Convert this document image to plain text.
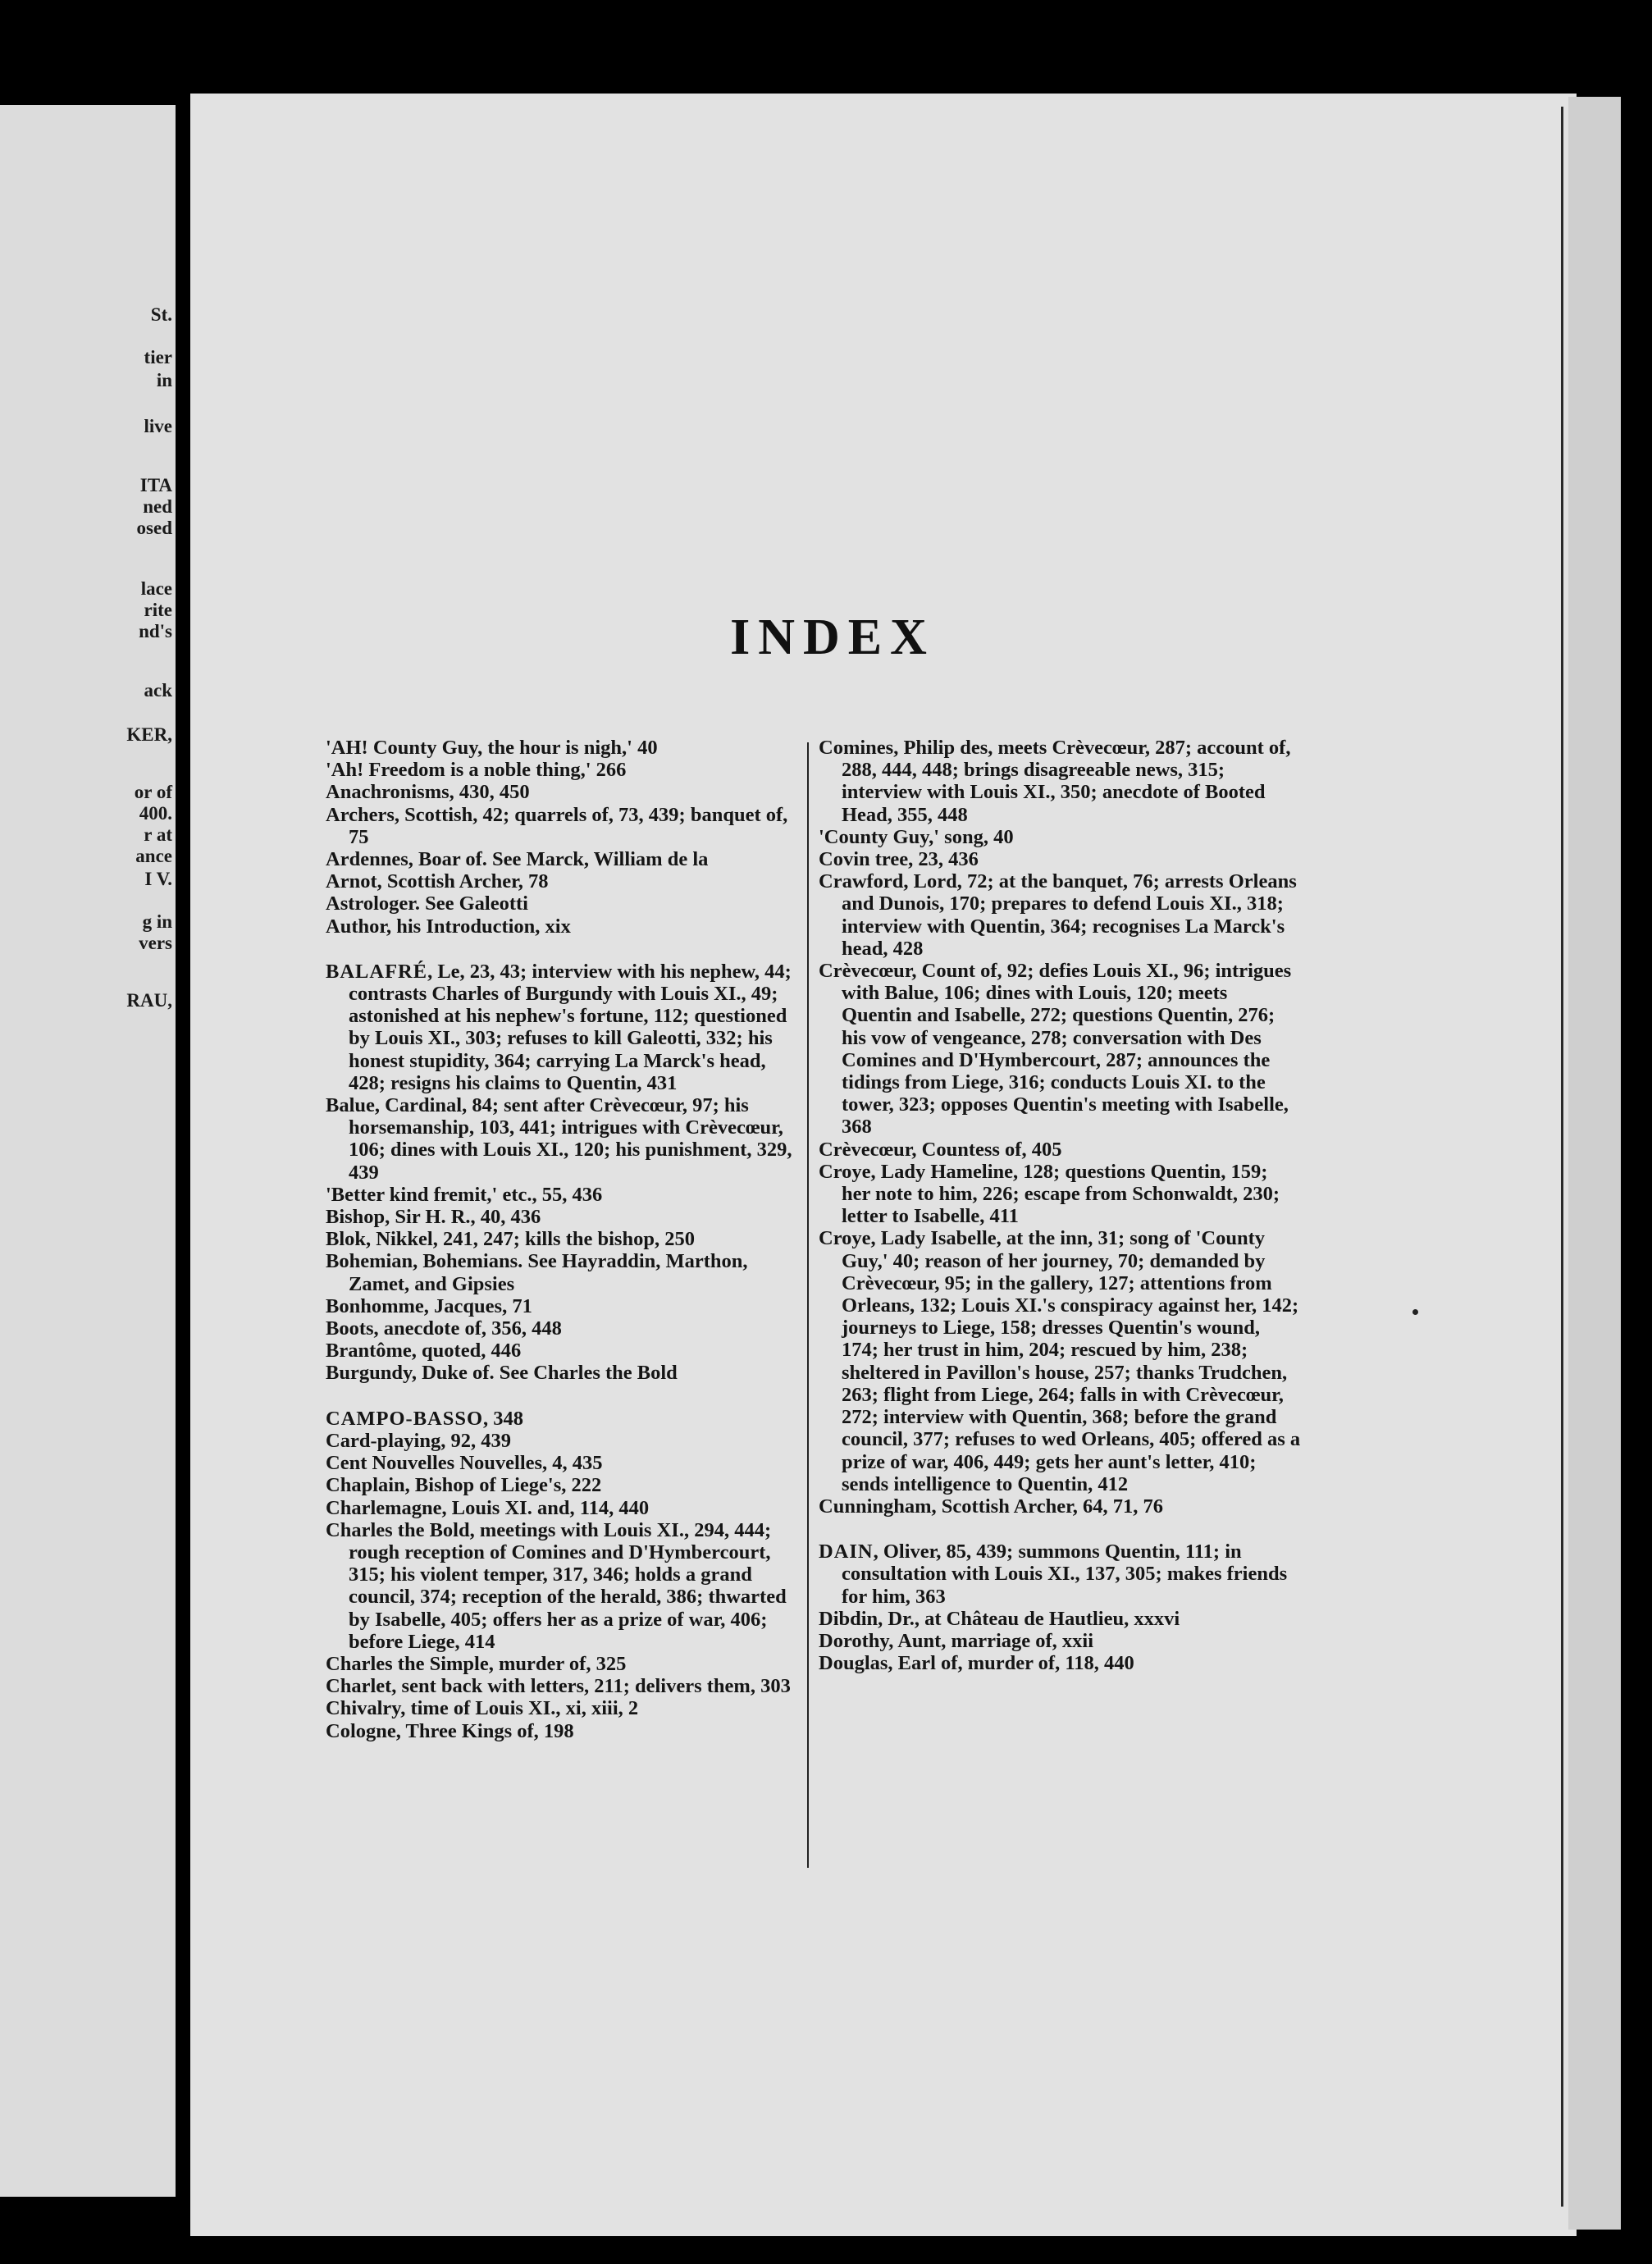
St.
tier
in
live
ITA
ned
osed
lace
rite
nd's
ack
KER,
or of
400.
r at
ance
I V.
g in
vers
RAU,
INDEX

'AH! County Guy, the hour is nigh,' 40

'Ah! Freedom is a noble thing,' 266

Anachronisms, 430, 450

Archers, Scottish, 42; quarrels of, 73, 439; banquet of, 75

Ardennes, Boar of. See Marck, William de la

Arnot, Scottish Archer, 78

Astrologer. See Galeotti

Author, his Introduction, xix

BALAFRÉ, Le, 23, 43; interview with his nephew, 44; contrasts Charles of Burgundy with Louis XI., 49; astonished at his nephew's fortune, 112; questioned by Louis XI., 303; refuses to kill Galeotti, 332; his honest stupidity, 364; carrying La Marck's head, 428; resigns his claims to Quentin, 431

Balue, Cardinal, 84; sent after Crèvecœur, 97; his horsemanship, 103, 441; intrigues with Crèvecœur, 106; dines with Louis XI., 120; his punishment, 329, 439

'Better kind fremit,' etc., 55, 436

Bishop, Sir H. R., 40, 436

Blok, Nikkel, 241, 247; kills the bishop, 250

Bohemian, Bohemians. See Hayraddin, Marthon, Zamet, and Gipsies

Bonhomme, Jacques, 71

Boots, anecdote of, 356, 448

Brantôme, quoted, 446

Burgundy, Duke of. See Charles the Bold

CAMPO-BASSO, 348

Card-playing, 92, 439

Cent Nouvelles Nouvelles, 4, 435

Chaplain, Bishop of Liege's, 222

Charlemagne, Louis XI. and, 114, 440

Charles the Bold, meetings with Louis XI., 294, 444; rough reception of Comines and D'Hymbercourt, 315; his violent temper, 317, 346; holds a grand council, 374; reception of the herald, 386; thwarted by Isabelle, 405; offers her as a prize of war, 406; before Liege, 414

Charles the Simple, murder of, 325

Charlet, sent back with letters, 211; delivers them, 303

Chivalry, time of Louis XI., xi, xiii, 2

Cologne, Three Kings of, 198

Comines, Philip des, meets Crèvecœur, 287; account of, 288, 444, 448; brings disagreeable news, 315; interview with Louis XI., 350; anecdote of Booted Head, 355, 448

'County Guy,' song, 40

Covin tree, 23, 436

Crawford, Lord, 72; at the banquet, 76; arrests Orleans and Dunois, 170; prepares to defend Louis XI., 318; interview with Quentin, 364; recognises La Marck's head, 428

Crèvecœur, Count of, 92; defies Louis XI., 96; intrigues with Balue, 106; dines with Louis, 120; meets Quentin and Isabelle, 272; questions Quentin, 276; his vow of vengeance, 278; conversation with Des Comines and D'Hymbercourt, 287; announces the tidings from Liege, 316; conducts Louis XI. to the tower, 323; opposes Quentin's meeting with Isabelle, 368

Crèvecœur, Countess of, 405

Croye, Lady Hameline, 128; questions Quentin, 159; her note to him, 226; escape from Schonwaldt, 230; letter to Isabelle, 411

Croye, Lady Isabelle, at the inn, 31; song of 'County Guy,' 40; reason of her journey, 70; demanded by Crèvecœur, 95; in the gallery, 127; attentions from Orleans, 132; Louis XI.'s conspiracy against her, 142; journeys to Liege, 158; dresses Quentin's wound, 174; her trust in him, 204; rescued by him, 238; sheltered in Pavillon's house, 257; thanks Trudchen, 263; flight from Liege, 264; falls in with Crèvecœur, 272; interview with Quentin, 368; before the grand council, 377; refuses to wed Orleans, 405; offered as a prize of war, 406, 449; gets her aunt's letter, 410; sends intelligence to Quentin, 412

Cunningham, Scottish Archer, 64, 71, 76

DAIN, Oliver, 85, 439; summons Quentin, 111; in consultation with Louis XI., 137, 305; makes friends for him, 363

Dibdin, Dr., at Château de Hautlieu, xxxvi

Dorothy, Aunt, marriage of, xxii

Douglas, Earl of, murder of, 118, 440
